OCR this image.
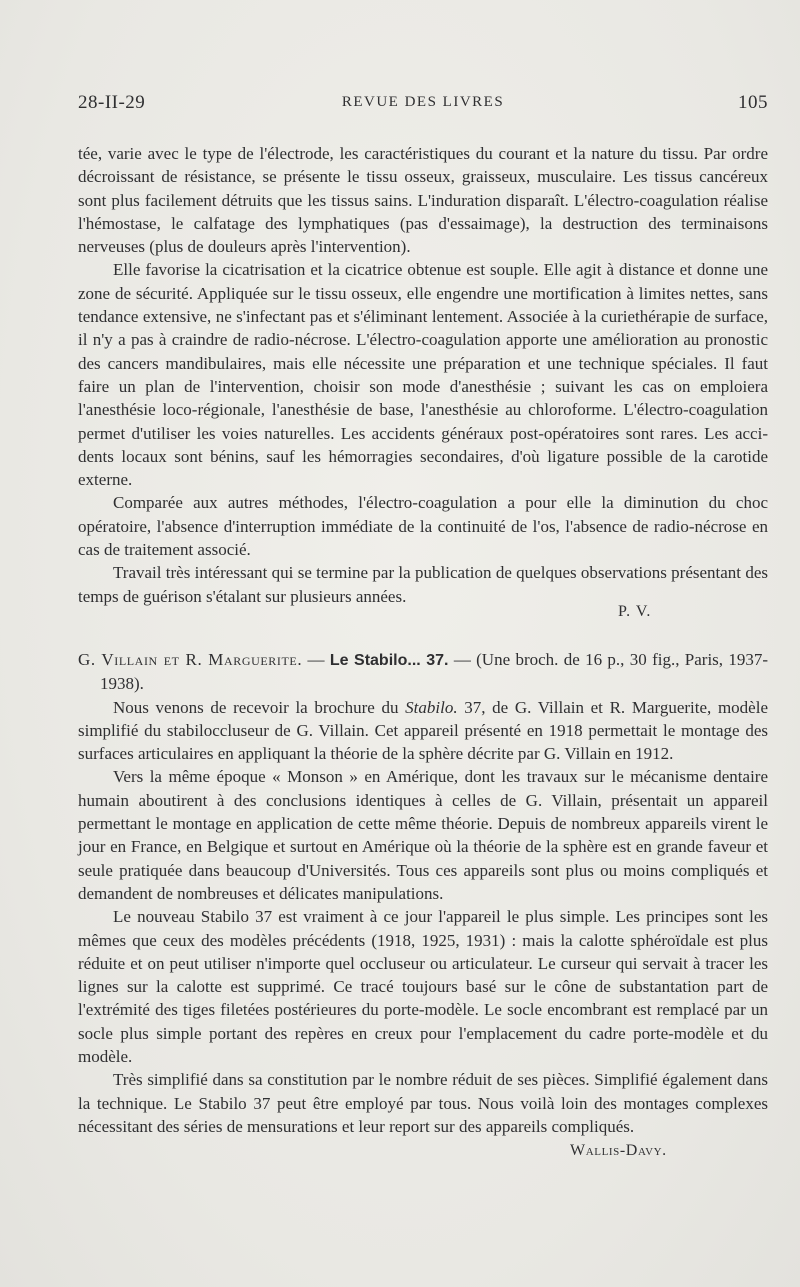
28-II-29	REVUE DES LIVRES	105

tée, varie avec le type de l'électrode, les caractéristiques du courant et la nature du tissu. Par ordre décroissant de résistance, se présente le tissu osseux, graisseux, musculaire. Les tissus cancéreux sont plus facilement détruits que les tissus sains. L'induration disparaît. L'électro-coagulation réalise l'hémostase, le calfatage des lymphatiques (pas d'essaimage), la destruction des terminaisons nerveuses (plus de douleurs après l'intervention).

Elle favorise la cicatrisation et la cicatrice obtenue est souple. Elle agit à distance et donne une zone de sécurité. Appliquée sur le tissu osseux, elle engendre une mortification à limites nettes, sans tendance extensive, ne s'infectant pas et s'éliminant lentement. Associée à la curiethérapie de surface, il n'y a pas à craindre de radio-nécrose. L'électro-coagulation apporte une amélioration au pronostic des cancers mandibulaires, mais elle nécessite une préparation et une technique spéciales. Il faut faire un plan de l'intervention, choisir son mode d'anesthésie ; suivant les cas on emploiera l'anesthésie loco-régionale, l'anesthésie de base, l'anesthésie au chloroforme. L'électro-coagulation permet d'utiliser les voies naturelles. Les accidents généraux post-opératoires sont rares. Les accidents locaux sont bénins, sauf les hémorragies secondaires, d'où ligature possible de la carotide externe.

Comparée aux autres méthodes, l'électro-coagulation a pour elle la diminution du choc opératoire, l'absence d'interruption immédiate de la continuité de l'os, l'absence de radio-nécrose en cas de traitement associé.

Travail très intéressant qui se termine par la publication de quelques observations présentant des temps de guérison s'étalant sur plusieurs années.

P. V.

G. Villain et R. Marguerite. — Le Stabilo... 37. — (Une broch. de 16 p., 30 fig., Paris, 1937-1938).

Nous venons de recevoir la brochure du Stabilo. 37, de G. Villain et R. Marguerite, modèle simplifié du stabiloccluseur de G. Villain. Cet appareil présenté en 1918 permettait le montage des surfaces articulaires en appliquant la théorie de la sphère décrite par G. Villain en 1912.

Vers la même époque « Monson » en Amérique, dont les travaux sur le mécanisme dentaire humain aboutirent à des conclusions identiques à celles de G. Villain, présentait un appareil permettant le montage en application de cette même théorie. Depuis de nombreux appareils virent le jour en France, en Belgique et surtout en Amérique où la théorie de la sphère est en grande faveur et seule pratiquée dans beaucoup d'Universités. Tous ces appareils sont plus ou moins compliqués et demandent de nombreuses et délicates manipulations.

Le nouveau Stabilo 37 est vraiment à ce jour l'appareil le plus simple. Les principes sont les mêmes que ceux des modèles précédents (1918, 1925, 1931) : mais la calotte sphéroïdale est plus réduite et on peut utiliser n'importe quel occluseur ou articulateur. Le curseur qui servait à tracer les lignes sur la calotte est supprimé. Ce tracé toujours basé sur le cône de substantation part de l'extrémité des tiges filetées postérieures du porte-modèle. Le socle encombrant est remplacé par un socle plus simple portant des repères en creux pour l'emplacement du cadre porte-modèle et du modèle.

Très simplifié dans sa constitution par le nombre réduit de ses pièces. Simplifié également dans la technique. Le Stabilo 37 peut être employé par tous. Nous voilà loin des montages complexes nécessitant des séries de mensurations et leur report sur des appareils compliqués.

Wallis-Davy.
